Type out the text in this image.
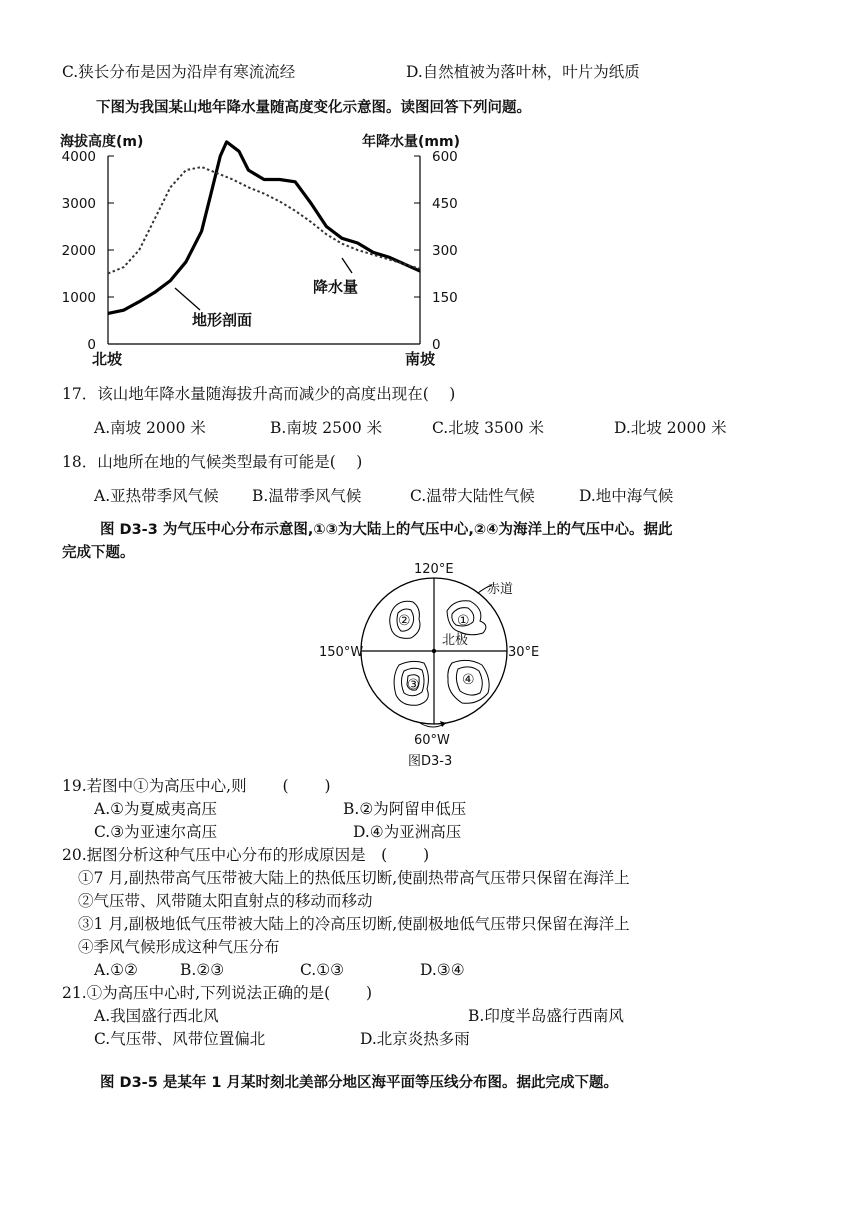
C.狭长分布是因为沿岸有寒流流经	D.自然植被为落叶林，叶片为纸质
下图为我国某山地年降水量随高度变化示意图。读图回答下列问题。
海拔高度(m)	年降水量(mm)
4000
3000
2000
1000
0
600
450
300
150
0
地形剖面
降水量
北坡	南坡
17．该山地年降水量随海拔升高而减少的高度出现在(　 )
A.南坡 2000 米	B.南坡 2500 米	C.北坡 3500 米	D.北坡 2000 米
18．山地所在地的气候类型最有可能是(　 )
A.亚热带季风气候 B.温带季风气候	C.温带大陆性气候	D.地中海气候
图 D3-3 为气压中心分布示意图,①③为大陆上的气压中心,②④为海洋上的气压中心。据此
完成下题。
120°E
赤道
150°W	30°E
北极
60°W
①
②
③	④
图D3-3
19.若图中①为高压中心,则　 　(　 　)
A.①为夏威夷高压	B.②为阿留申低压
C.③为亚速尔高压	D.④为亚洲高压
20.据图分析这种气压中心分布的形成原因是　(　 　)
①7 月,副热带高气压带被大陆上的热低压切断,使副热带高气压带只保留在海洋上
②气压带、风带随太阳直射点的移动而移动
③1 月,副极地低气压带被大陆上的冷高压切断,使副极地低气压带只保留在海洋上
④季风气候形成这种气压分布
A.①②	B.②③	C.①③	D.③④
21.①为高压中心时,下列说法正确的是(　 　)
A.我国盛行西北风	B.印度半岛盛行西南风
C.气压带、风带位置偏北	D.北京炎热多雨
图 D3-5 是某年 1 月某时刻北美部分地区海平面等压线分布图。据此完成下题。
